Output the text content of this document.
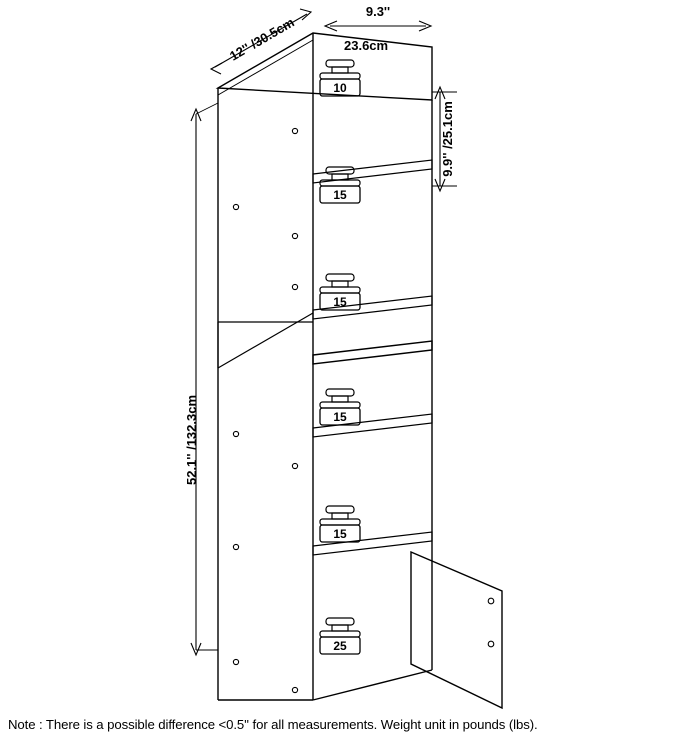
10
15
15
15
15
25
52.1'' /132.3cm
9.9'' /25.1cm
9.3''
23.6cm
12'' /30.5cm
Note : There is a possible difference <0.5'' for all measurements. Weight unit in pounds (lbs).
